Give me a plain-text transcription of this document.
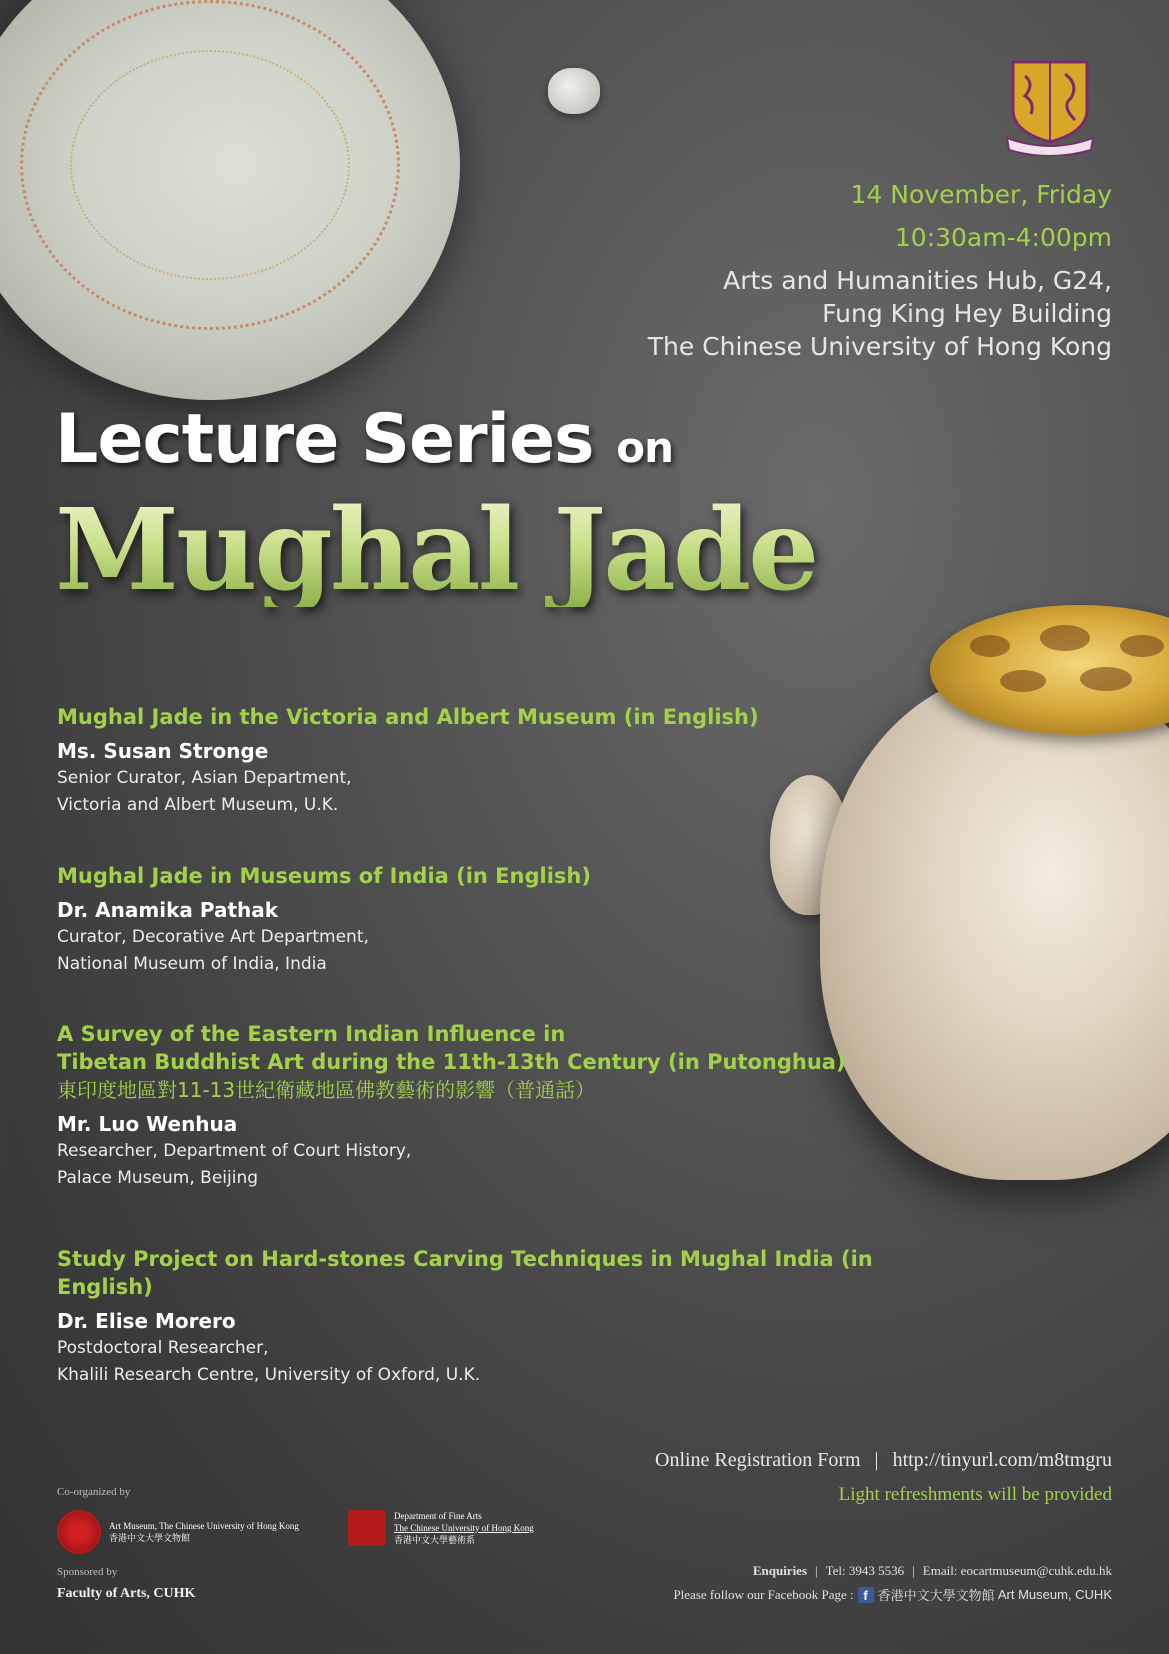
14 November, Friday
10:30am-4:00pm
Arts and Humanities Hub, G24,
Fung King Hey Building
The Chinese University of Hong Kong
Lecture Series on
Mughal Jade

Mughal Jade in the Victoria and Albert Museum (in English)

Ms. Susan Stronge
Senior Curator, Asian Department,
Victoria and Albert Museum, U.K.

Mughal Jade in Museums of India (in English)

Dr. Anamika Pathak
Curator, Decorative Art Department,
National Museum of India, India

A Survey of the Eastern Indian Influence in

Tibetan Buddhist Art during the 11th-13th Century (in Putonghua)

東印度地區對11-13世紀衛藏地區佛教藝術的影響（普通話）

Mr. Luo Wenhua
Researcher, Department of Court History,
Palace Museum, Beijing

Study Project on Hard-stones Carving Techniques in Mughal India (in English)

Dr. Elise Morero
Postdoctoral Researcher,
Khalili Research Centre, University of Oxford, U.K.
Online Registration Form | http://tinyurl.com/m8tmgru
Light refreshments will be provided
Co-organized by
Art Museum, The Chinese University of Hong Kong
香港中文大學文物館
Department of Fine Arts
The Chinese University of Hong Kong
香港中文大學藝術系
Sponsored by
Faculty of Arts, CUHK
Enquiries | Tel: 3943 5536 | Email: eocartmuseum@cuhk.edu.hk
Please follow our Facebook Page : f 香港中文大學文物館
Art Museum, CUHK
